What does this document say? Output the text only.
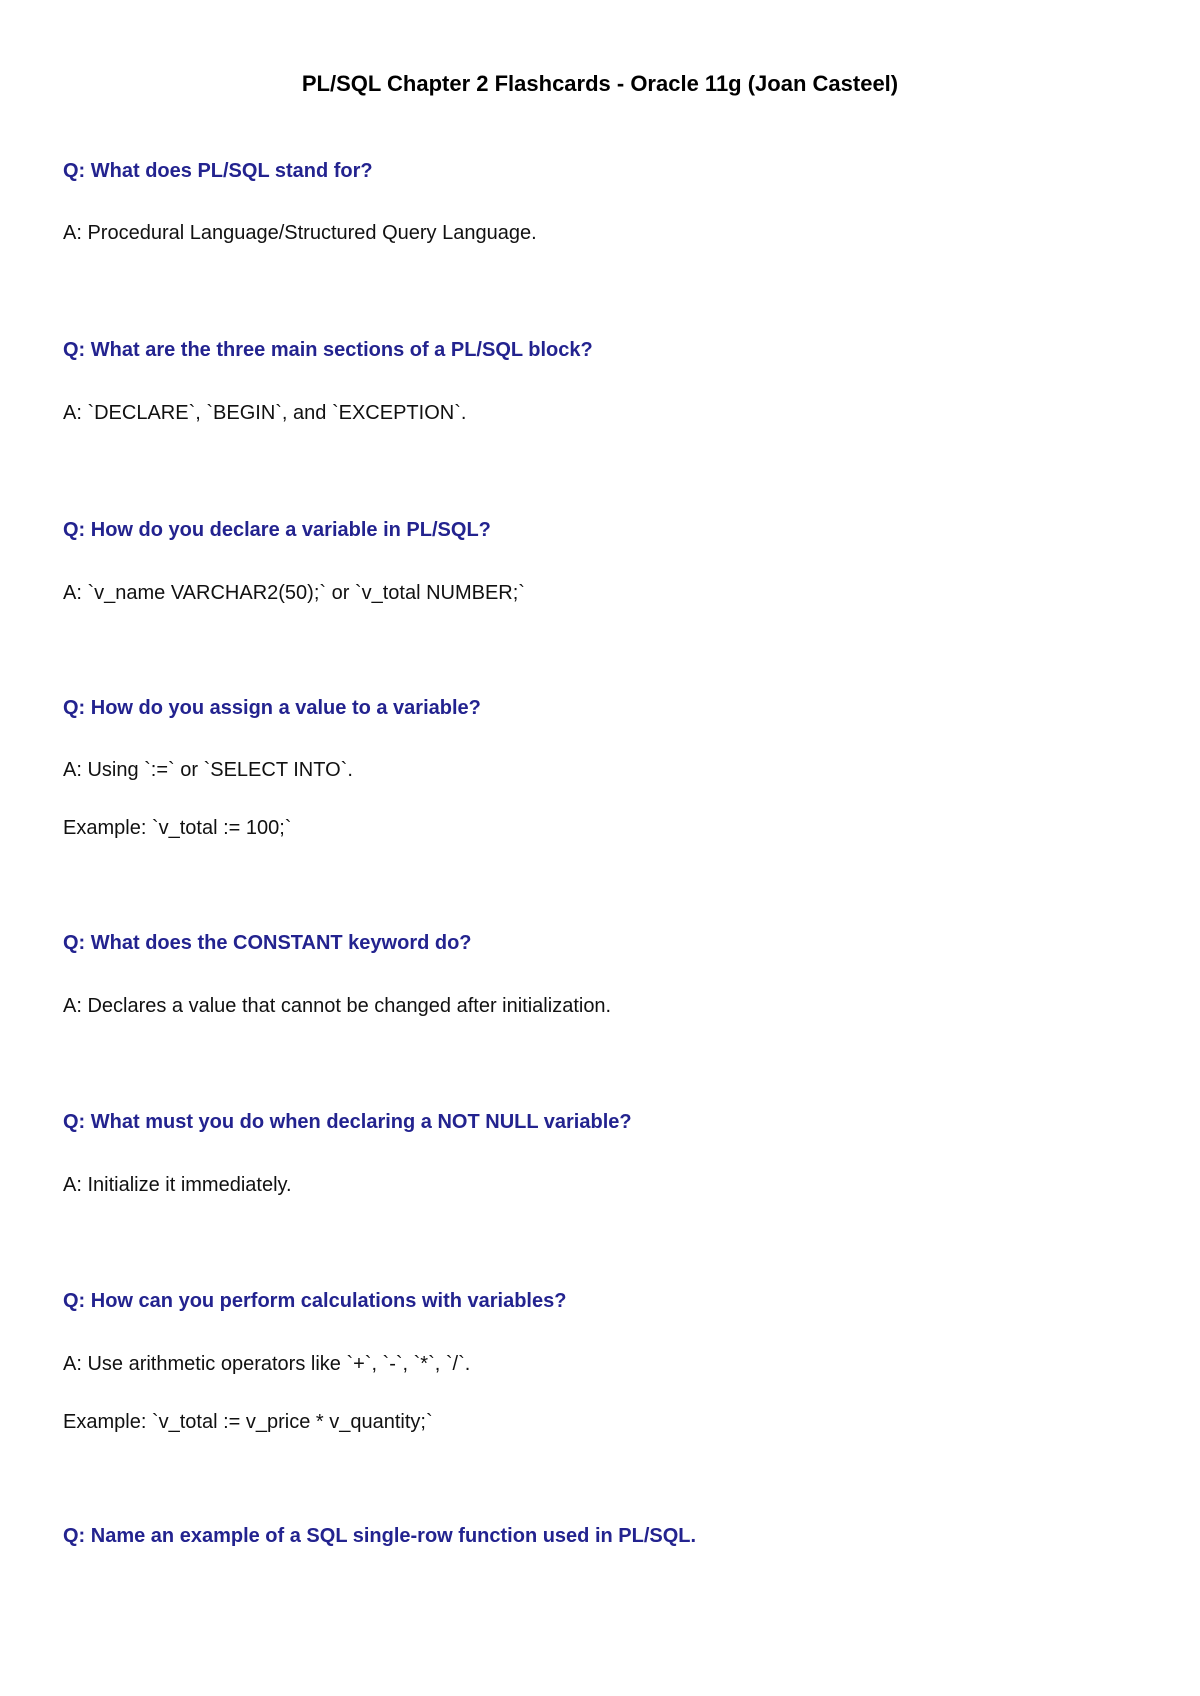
PL/SQL Chapter 2 Flashcards - Oracle 11g (Joan Casteel)
Q: What does PL/SQL stand for?
A: Procedural Language/Structured Query Language.
Q: What are the three main sections of a PL/SQL block?
A: `DECLARE`, `BEGIN`, and `EXCEPTION`.
Q: How do you declare a variable in PL/SQL?
A: `v_name VARCHAR2(50);` or `v_total NUMBER;`
Q: How do you assign a value to a variable?
A: Using `:=` or `SELECT INTO`.
Example: `v_total := 100;`
Q: What does the CONSTANT keyword do?
A: Declares a value that cannot be changed after initialization.
Q: What must you do when declaring a NOT NULL variable?
A: Initialize it immediately.
Q: How can you perform calculations with variables?
A: Use arithmetic operators like `+`, `-`, `*`, `/`.
Example: `v_total := v_price * v_quantity;`
Q: Name an example of a SQL single-row function used in PL/SQL.
